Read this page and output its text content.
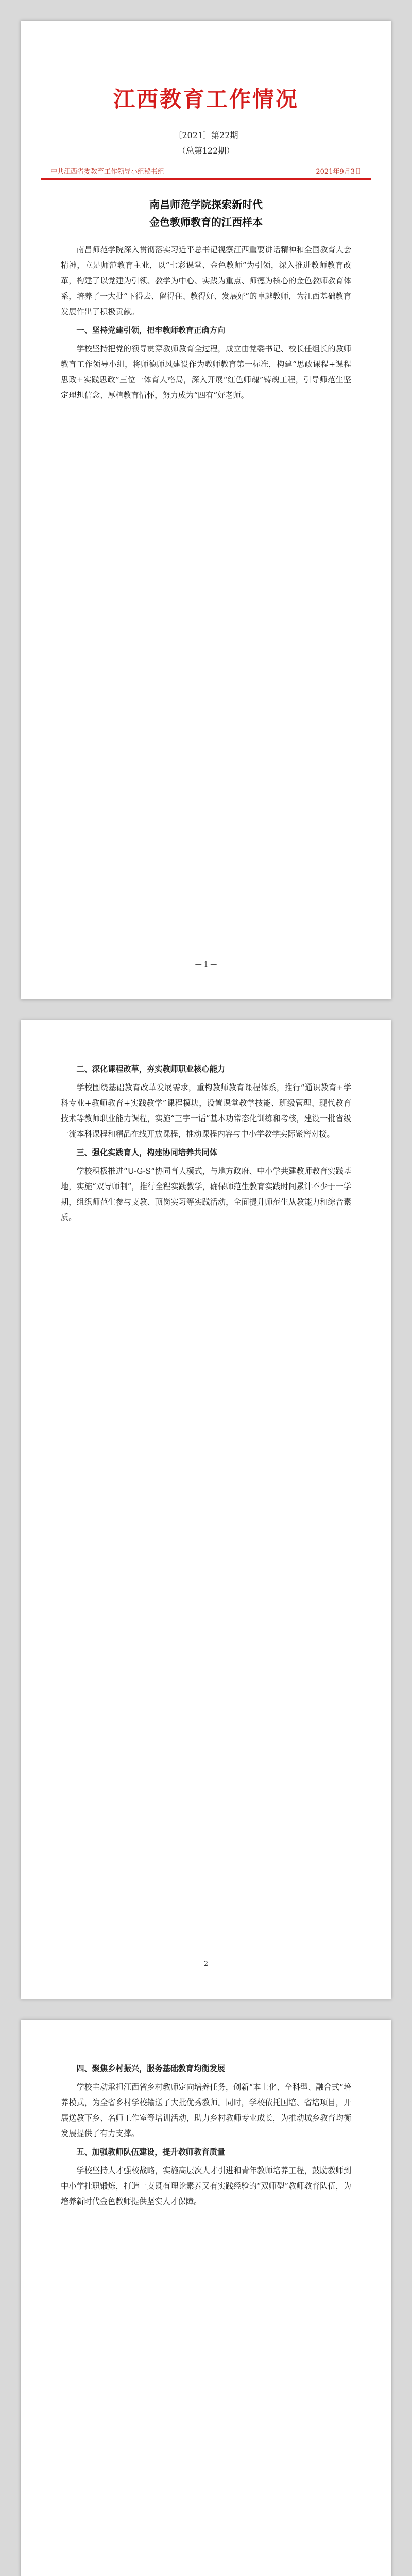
江西教育工作情况
〔2021〕第22期
（总第122期）
中共江西省委教育工作领导小组秘书组	2021年9月3日
南昌师范学院探索新时代
金色教师教育的江西样本

南昌师范学院深入贯彻落实习近平总书记视察江西重要讲话精神和全国教育大会精神，立足师范教育主业，以“七彩课堂、金色教师”为引领，深入推进教师教育改革，构建了以党建为引领、教学为中心、实践为重点、师德为核心的金色教师教育体系，培养了一大批“下得去、留得住、教得好、发展好”的卓越教师，为江西基础教育发展作出了积极贡献。

一、坚持党建引领，把牢教师教育正确方向

学校坚持把党的领导贯穿教师教育全过程，成立由党委书记、校长任组长的教师教育工作领导小组，将师德师风建设作为教师教育第一标准，构建“思政课程+课程思政+实践思政”三位一体育人格局，深入开展“红色师魂”铸魂工程，引导师范生坚定理想信念、厚植教育情怀，努力成为“四有”好老师。

— 1 —

二、深化课程改革，夯实教师职业核心能力

学校围绕基础教育改革发展需求，重构教师教育课程体系，推行“通识教育+学科专业+教师教育+实践教学”课程模块，设置课堂教学技能、班级管理、现代教育技术等教师职业能力课程，实施“三字一话”基本功常态化训练和考核，建设一批省级一流本科课程和精品在线开放课程，推动课程内容与中小学教学实际紧密对接。

三、强化实践育人，构建协同培养共同体

学校积极推进“U-G-S”协同育人模式，与地方政府、中小学共建教师教育实践基地，实施“双导师制”，推行全程实践教学，确保师范生教育实践时间累计不少于一学期，组织师范生参与支教、顶岗实习等实践活动，全面提升师范生从教能力和综合素质。

— 2 —

四、聚焦乡村振兴，服务基础教育均衡发展

学校主动承担江西省乡村教师定向培养任务，创新“本土化、全科型、融合式”培养模式，为全省乡村学校输送了大批优秀教师。同时，学校依托国培、省培项目，开展送教下乡、名师工作室等培训活动，助力乡村教师专业成长，为推动城乡教育均衡发展提供了有力支撑。

五、加强教师队伍建设，提升教师教育质量

学校坚持人才强校战略，实施高层次人才引进和青年教师培养工程，鼓励教师到中小学挂职锻炼，打造一支既有理论素养又有实践经验的“双师型”教师教育队伍，为培养新时代金色教师提供坚实人才保障。
